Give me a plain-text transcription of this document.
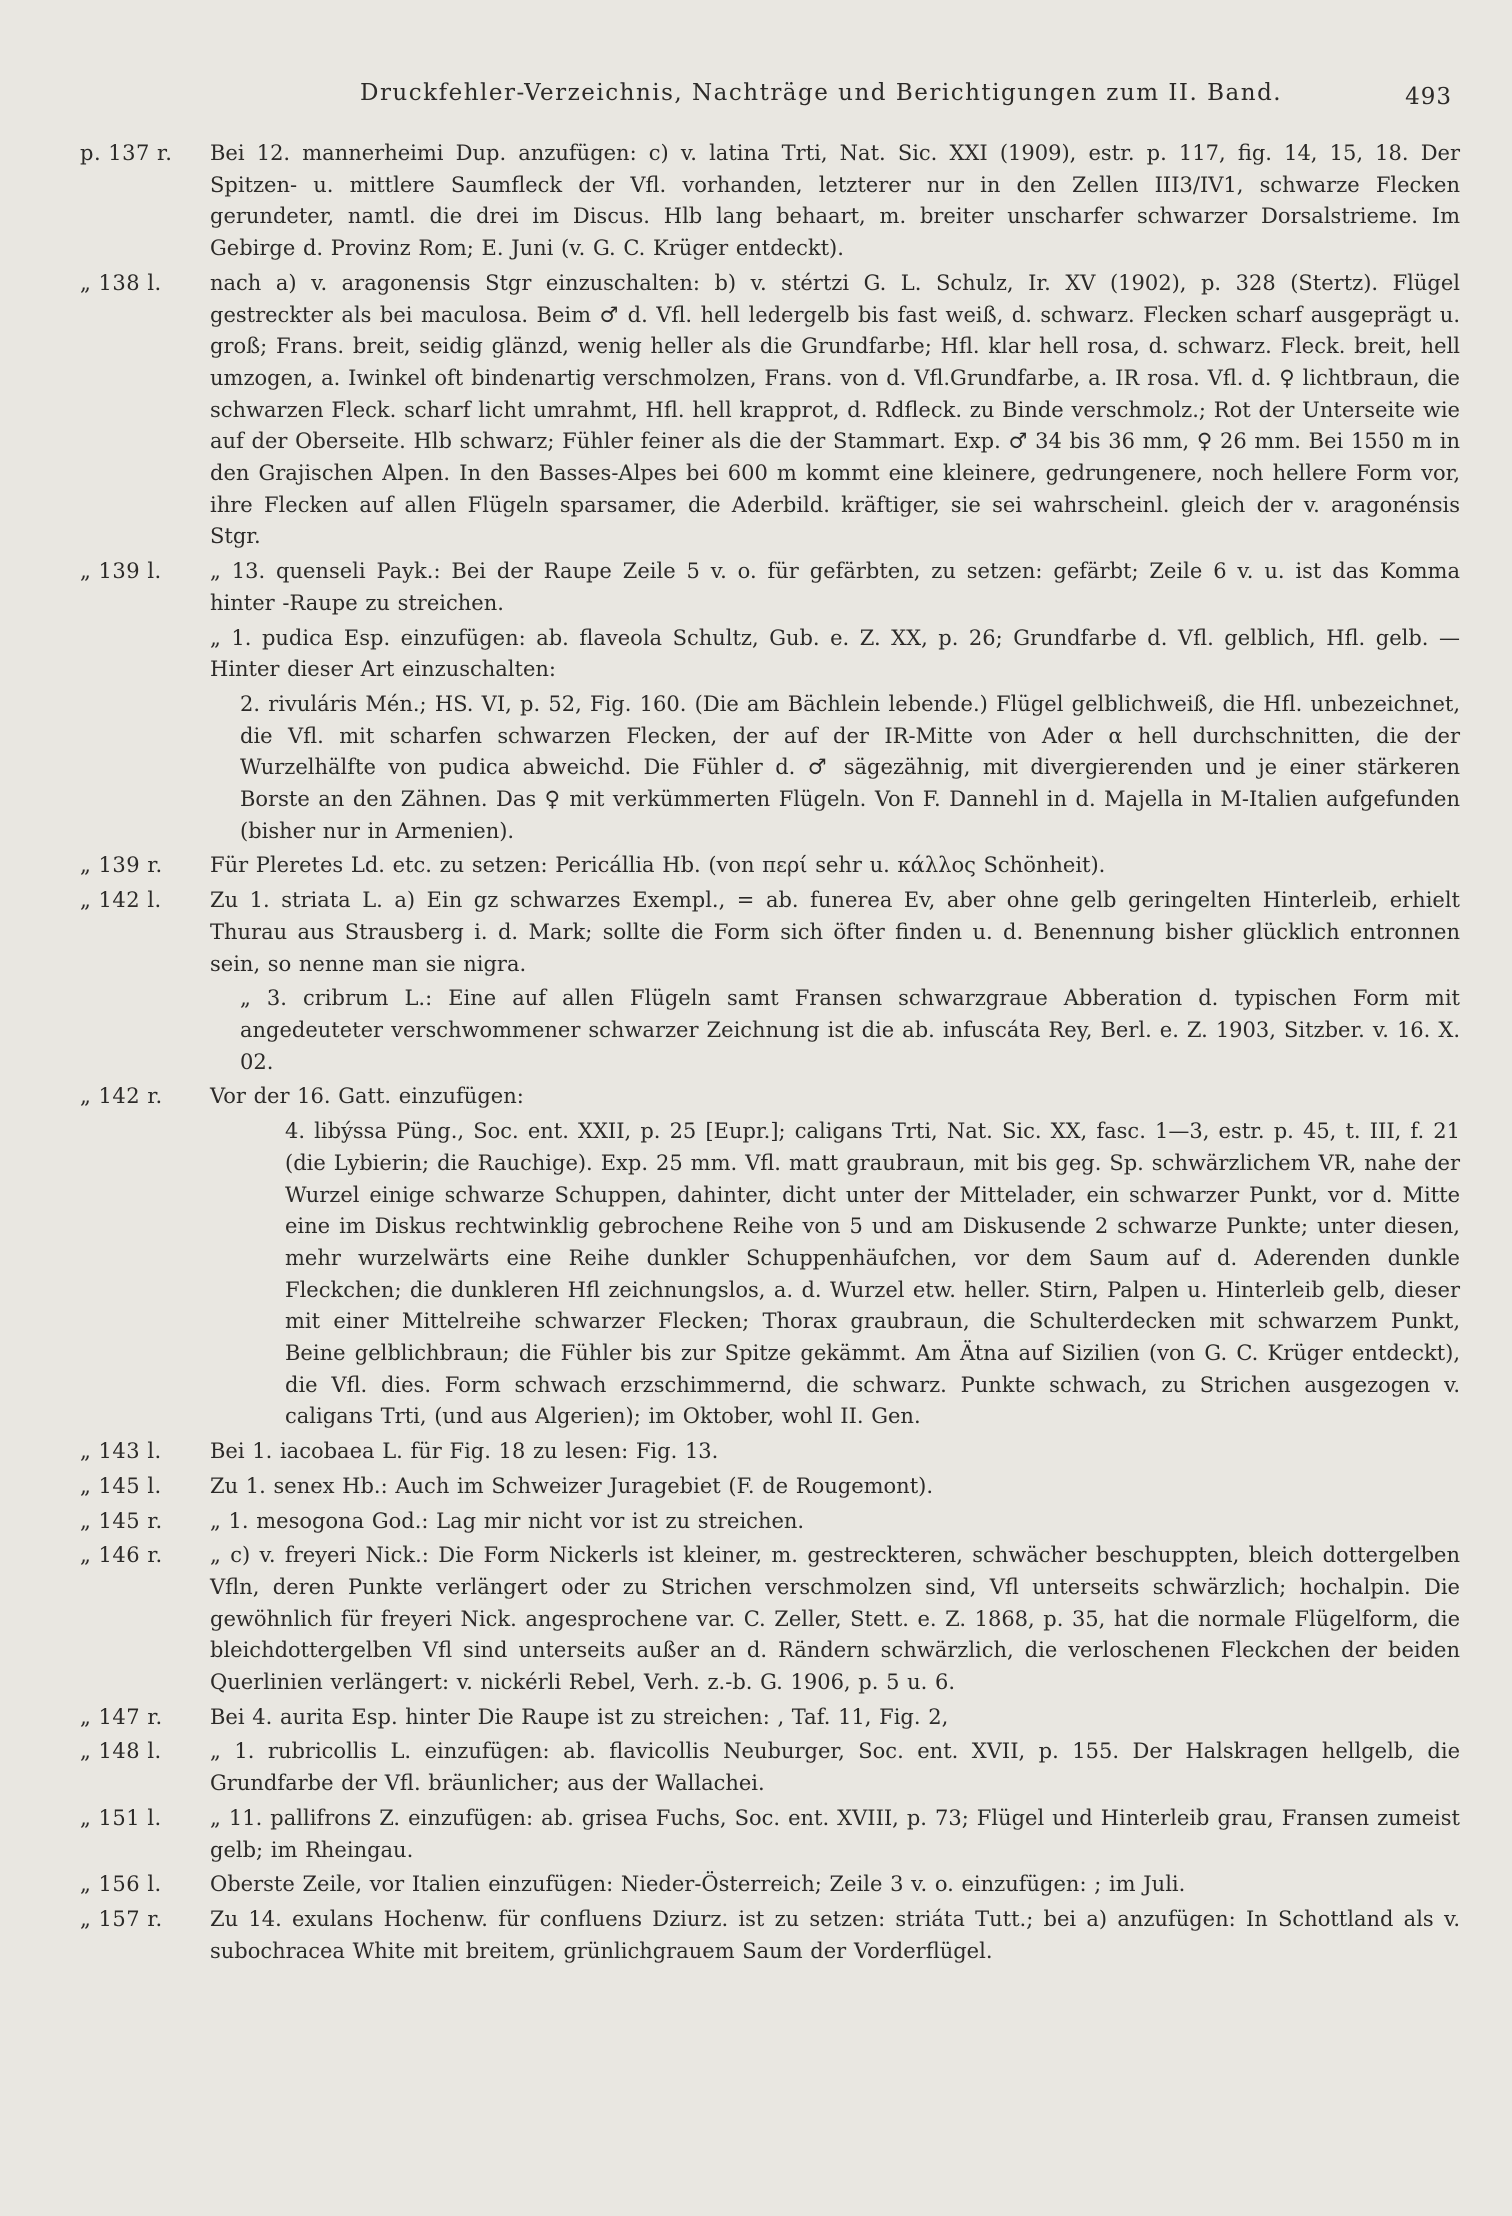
Druckfehler-Verzeichnis, Nachträge und Berichtigungen zum II. Band.	493
p. 137 r.	Bei 12. mannerheimi Dup. anzufügen: c) v. latina Trti, Nat. Sic. XXI (1909), estr. p. 117, fig. 14, 15, 18. Der Spitzen- u. mittlere Saumfleck der Vfl. vorhanden, letzterer nur in den Zellen III3/IV1, schwarze Flecken gerundeter, namtl. die drei im Discus. Hlb lang behaart, m. breiter unscharfer schwarzer Dorsalstrieme. Im Gebirge d. Provinz Rom; E. Juni (v. G. C. Krüger entdeckt).
„ 138 l.	nach a) v. aragonensis Stgr einzuschalten: b) v. stértzi G. L. Schulz, Ir. XV (1902), p. 328 (Stertz). Flügel gestreckter als bei maculosa. Beim ♂ d. Vfl. hell ledergelb bis fast weiß, d. schwarz. Flecken scharf ausgeprägt u. groß; Frans. breit, seidig glänzd, wenig heller als die Grundfarbe; Hfl. klar hell rosa, d. schwarz. Fleck. breit, hell umzogen, a. Iwinkel oft bindenartig verschmolzen, Frans. von d. Vfl.Grundfarbe, a. IR rosa. Vfl. d. ♀ lichtbraun, die schwarzen Fleck. scharf licht umrahmt, Hfl. hell krapprot, d. Rdfleck. zu Binde verschmolz.; Rot der Unterseite wie auf der Oberseite. Hlb schwarz; Fühler feiner als die der Stammart. Exp. ♂ 34 bis 36 mm, ♀ 26 mm. Bei 1550 m in den Grajischen Alpen. In den Basses-Alpes bei 600 m kommt eine kleinere, gedrungenere, noch hellere Form vor, ihre Flecken auf allen Flügeln sparsamer, die Aderbild. kräftiger, sie sei wahrscheinl. gleich der v. aragonénsis Stgr.
„ 139 l.	„ 13. quenseli Payk.: Bei der Raupe Zeile 5 v. o. für gefärbten, zu setzen: gefärbt; Zeile 6 v. u. ist das Komma hinter -Raupe zu streichen.
„ 1. pudica Esp. einzufügen: ab. flaveola Schultz, Gub. e. Z. XX, p. 26; Grundfarbe d. Vfl. gelblich, Hfl. gelb. — Hinter dieser Art einzuschalten:
2. rivuláris Mén.; HS. VI, p. 52, Fig. 160. (Die am Bächlein lebende.) Flügel gelblichweiß, die Hfl. unbezeichnet, die Vfl. mit scharfen schwarzen Flecken, der auf der IR-Mitte von Ader α hell durchschnitten, die der Wurzelhälfte von pudica abweichd. Die Fühler d. ♂ sägezähnig, mit divergierenden und je einer stärkeren Borste an den Zähnen. Das ♀ mit verkümmerten Flügeln. Von F. Dannehl in d. Majella in M-Italien aufgefunden (bisher nur in Armenien).
„ 139 r.	Für Pleretes Ld. etc. zu setzen: Pericállia Hb. (von περί sehr u. κάλλος Schönheit).
„ 142 l.	Zu 1. striata L. a) Ein gz schwarzes Exempl., = ab. funerea Ev, aber ohne gelb geringelten Hinterleib, erhielt Thurau aus Strausberg i. d. Mark; sollte die Form sich öfter finden u. d. Benennung bisher glücklich entronnen sein, so nenne man sie nigra.
„ 3. cribrum L.: Eine auf allen Flügeln samt Fransen schwarzgraue Abberation d. typischen Form mit angedeuteter verschwommener schwarzer Zeichnung ist die ab. infuscáta Rey, Berl. e. Z. 1903, Sitzber. v. 16. X. 02.
„ 142 r.	Vor der 16. Gatt. einzufügen:
4. libýssa Püng., Soc. ent. XXII, p. 25 [Eupr.]; caligans Trti, Nat. Sic. XX, fasc. 1—3, estr. p. 45, t. III, f. 21 (die Lybierin; die Rauchige). Exp. 25 mm. Vfl. matt graubraun, mit bis geg. Sp. schwärzlichem VR, nahe der Wurzel einige schwarze Schuppen, dahinter, dicht unter der Mittelader, ein schwarzer Punkt, vor d. Mitte eine im Diskus rechtwinklig gebrochene Reihe von 5 und am Diskusende 2 schwarze Punkte; unter diesen, mehr wurzelwärts eine Reihe dunkler Schuppenhäufchen, vor dem Saum auf d. Aderenden dunkle Fleckchen; die dunkleren Hfl zeichnungslos, a. d. Wurzel etw. heller. Stirn, Palpen u. Hinterleib gelb, dieser mit einer Mittelreihe schwarzer Flecken; Thorax graubraun, die Schulterdecken mit schwarzem Punkt, Beine gelblichbraun; die Fühler bis zur Spitze gekämmt. Am Ätna auf Sizilien (von G. C. Krüger entdeckt), die Vfl. dies. Form schwach erzschimmernd, die schwarz. Punkte schwach, zu Strichen ausgezogen v. caligans Trti, (und aus Algerien); im Oktober, wohl II. Gen.
„ 143 l.	Bei 1. iacobaea L. für Fig. 18 zu lesen: Fig. 13.
„ 145 l.	Zu 1. senex Hb.: Auch im Schweizer Juragebiet (F. de Rougemont).
„ 145 r.	„ 1. mesogona God.: Lag mir nicht vor ist zu streichen.
„ 146 r.	„ c) v. freyeri Nick.: Die Form Nickerls ist kleiner, m. gestreckteren, schwächer beschuppten, bleich dottergelben Vfln, deren Punkte verlängert oder zu Strichen verschmolzen sind, Vfl unterseits schwärzlich; hochalpin. Die gewöhnlich für freyeri Nick. angesprochene var. C. Zeller, Stett. e. Z. 1868, p. 35, hat die normale Flügelform, die bleichdottergelben Vfl sind unterseits außer an d. Rändern schwärzlich, die verloschenen Fleckchen der beiden Querlinien verlängert: v. nickérli Rebel, Verh. z.-b. G. 1906, p. 5 u. 6.
„ 147 r.	Bei 4. aurita Esp. hinter Die Raupe ist zu streichen: , Taf. 11, Fig. 2,
„ 148 l.	„ 1. rubricollis L. einzufügen: ab. flavicollis Neuburger, Soc. ent. XVII, p. 155. Der Halskragen hellgelb, die Grundfarbe der Vfl. bräunlicher; aus der Wallachei.
„ 151 l.	„ 11. pallifrons Z. einzufügen: ab. grisea Fuchs, Soc. ent. XVIII, p. 73; Flügel und Hinterleib grau, Fransen zumeist gelb; im Rheingau.
„ 156 l.	Oberste Zeile, vor Italien einzufügen: Nieder-Österreich; Zeile 3 v. o. einzufügen: ; im Juli.
„ 157 r.	Zu 14. exulans Hochenw. für confluens Dziurz. ist zu setzen: striáta Tutt.; bei a) anzufügen: In Schottland als v. subochracea White mit breitem, grünlichgrauem Saum der Vorderflügel.
